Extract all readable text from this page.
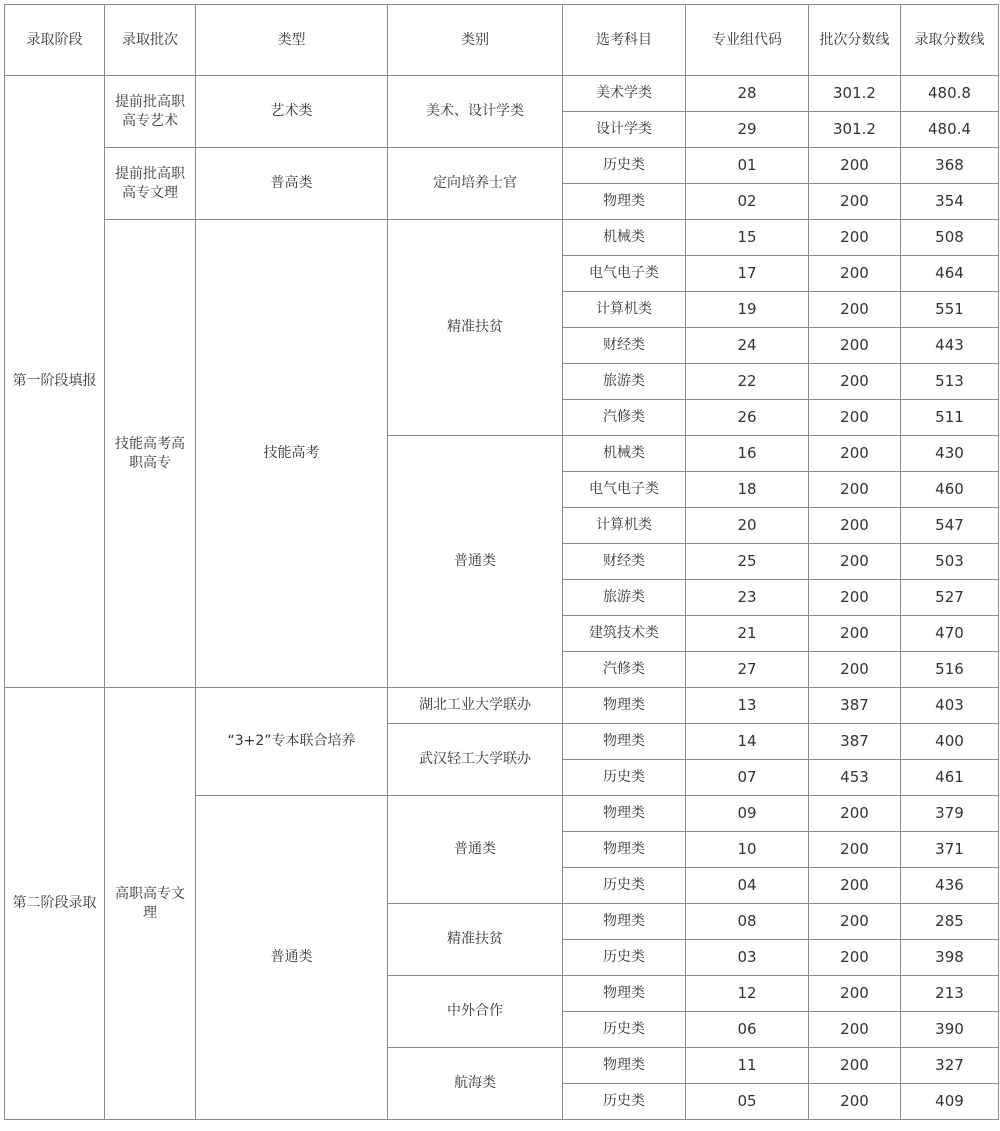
录取阶段	录取批次	类型	类别	选考科目	专业组代码	批次分数线	录取分数线
第一阶段填报	提前批高职高专艺术	艺术类	美术、设计学类	美术学类	28	301.2	480.8
				设计学类	29	301.2	480.4
	提前批高职高专文理	普高类	定向培养士官	历史类	01	200	368
				物理类	02	200	354
	技能高考高职高专	技能高考	精准扶贫	机械类	15	200	508
				电气电子类	17	200	464
				计算机类	19	200	551
				财经类	24	200	443
				旅游类	22	200	513
				汽修类	26	200	511
			普通类	机械类	16	200	430
				电气电子类	18	200	460
				计算机类	20	200	547
				财经类	25	200	503
				旅游类	23	200	527
				建筑技术类	21	200	470
				汽修类	27	200	516
第二阶段录取	高职高专文理	“3+2”专本联合培养	湖北工业大学联办	物理类	13	387	403
			武汉轻工大学联办	物理类	14	387	400
				历史类	07	453	461
		普通类	普通类	物理类	09	200	379
				物理类	10	200	371
				历史类	04	200	436
			精准扶贫	物理类	08	200	285
				历史类	03	200	398
			中外合作	物理类	12	200	213
				历史类	06	200	390
			航海类	物理类	11	200	327
				历史类	05	200	409
